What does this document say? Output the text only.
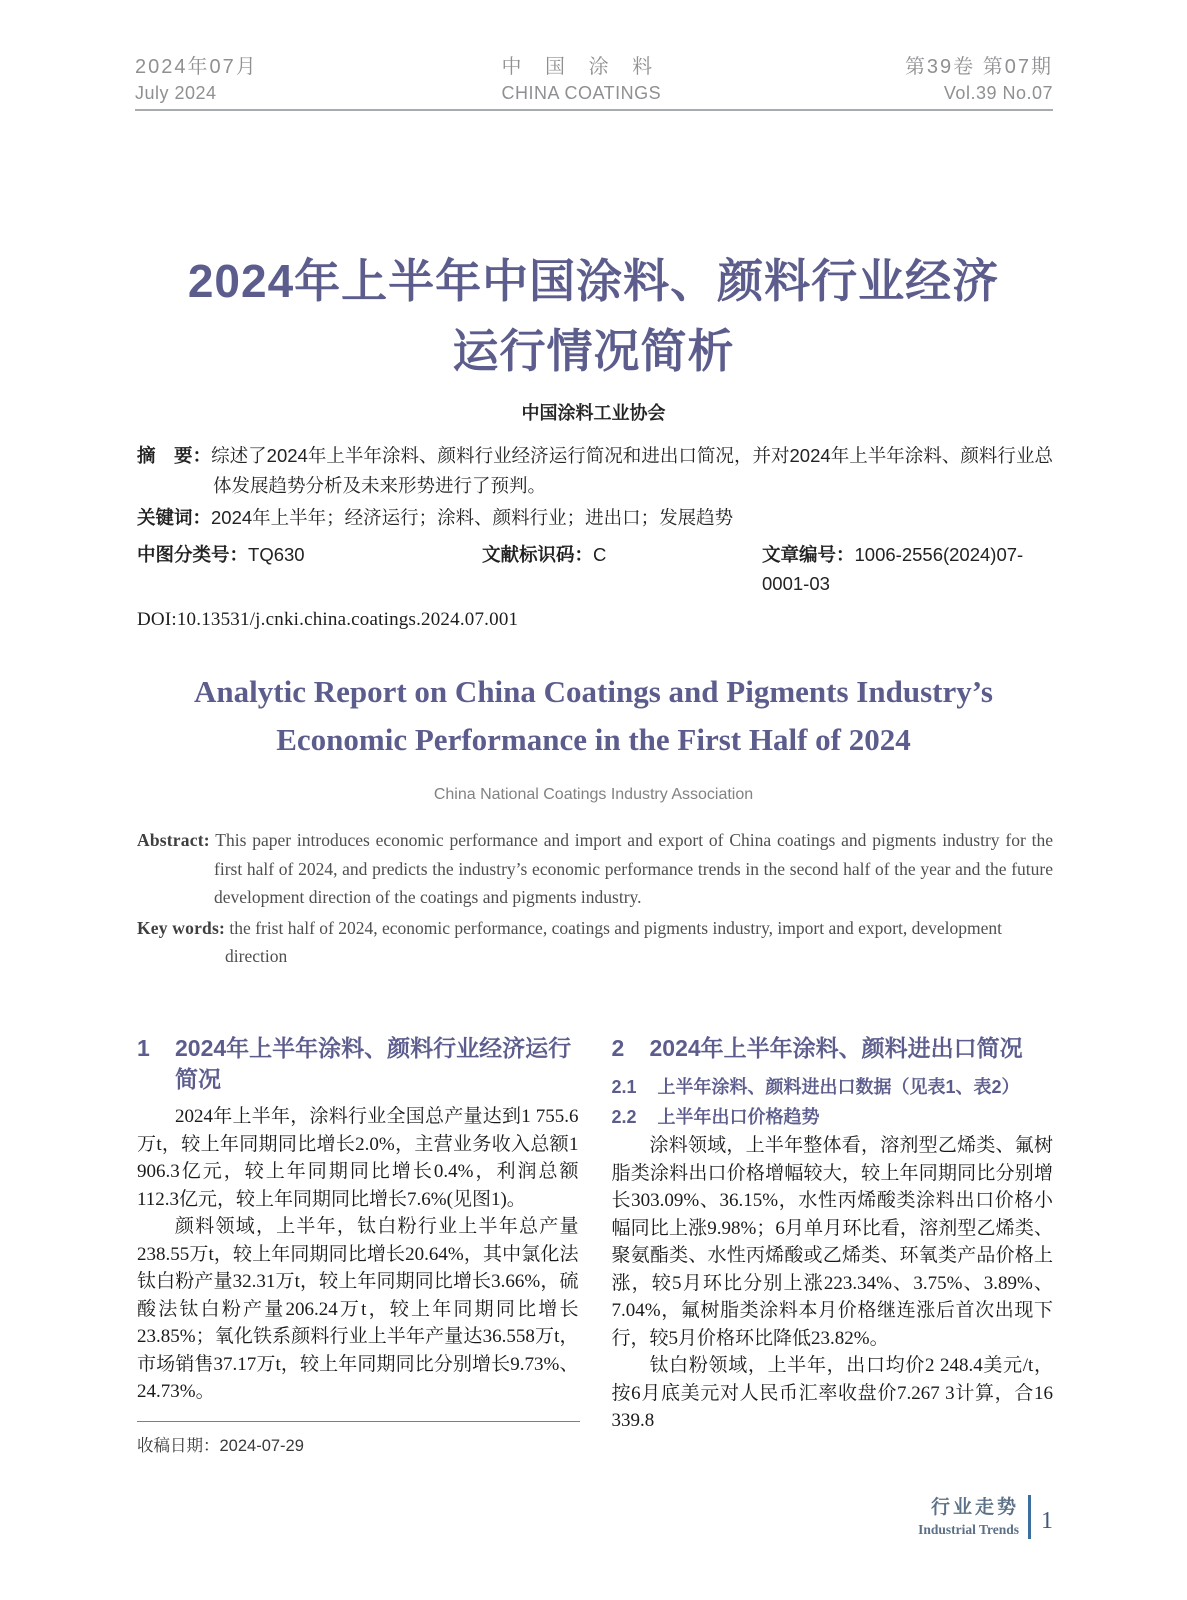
2024年07月
July 2024
中 国 涂 料
CHINA COATINGS
第39卷 第07期
Vol.39 No.07
2024年上半年中国涂料、颜料行业经济
运行情况简析
中国涂料工业协会
摘　要：综述了2024年上半年涂料、颜料行业经济运行简况和进出口简况，并对2024年上半年涂料、颜料行业总体发展趋势分析及未来形势进行了预判。
关键词：2024年上半年；经济运行；涂料、颜料行业；进出口；发展趋势
中图分类号：TQ630	文献标识码：C	文章编号：1006-2556(2024)07-0001-03
DOI:10.13531/j.cnki.china.coatings.2024.07.001
Analytic Report on China Coatings and Pigments Industry’s
Economic Performance in the First Half of 2024
China National Coatings Industry Association
Abstract: This paper introduces economic performance and import and export of China coatings and pigments industry for the first half of 2024, and predicts the industry’s economic performance trends in the second half of the year and the future development direction of the coatings and pigments industry.
Key words: the frist half of 2024, economic performance, coatings and pigments industry, import and export, development direction
1	2024年上半年涂料、颜料行业经济运行简况

2024年上半年，涂料行业全国总产量达到1 755.6万t，较上年同期同比增长2.0%，主营业务收入总额1 906.3亿元，较上年同期同比增长0.4%，利润总额112.3亿元，较上年同期同比增长7.6%(见图1)。

颜料领域，上半年，钛白粉行业上半年总产量238.55万t，较上年同期同比增长20.64%，其中氯化法钛白粉产量32.31万t，较上年同期同比增长3.66%，硫酸法钛白粉产量206.24万t，较上年同期同比增长23.85%；氧化铁系颜料行业上半年产量达36.558万t，市场销售37.17万t，较上年同期同比分别增长9.73%、24.73%。

2	2024年上半年涂料、颜料进出口简况
2.1	上半年涂料、颜料进出口数据（见表1、表2）
2.2	上半年出口价格趋势

涂料领域，上半年整体看，溶剂型乙烯类、氟树脂类涂料出口价格增幅较大，较上年同期同比分别增长303.09%、36.15%，水性丙烯酸类涂料出口价格小幅同比上涨9.98%；6月单月环比看，溶剂型乙烯类、聚氨酯类、水性丙烯酸或乙烯类、环氧类产品价格上涨，较5月环比分别上涨223.34%、3.75%、3.89%、7.04%，氟树脂类涂料本月价格继连涨后首次出现下行，较5月价格环比降低23.82%。

钛白粉领域，上半年，出口均价2 248.4美元/t，按6月底美元对人民币汇率收盘价7.267 3计算，合16 339.8

收稿日期：2024-07-29
行业走势
Industrial Trends 1
